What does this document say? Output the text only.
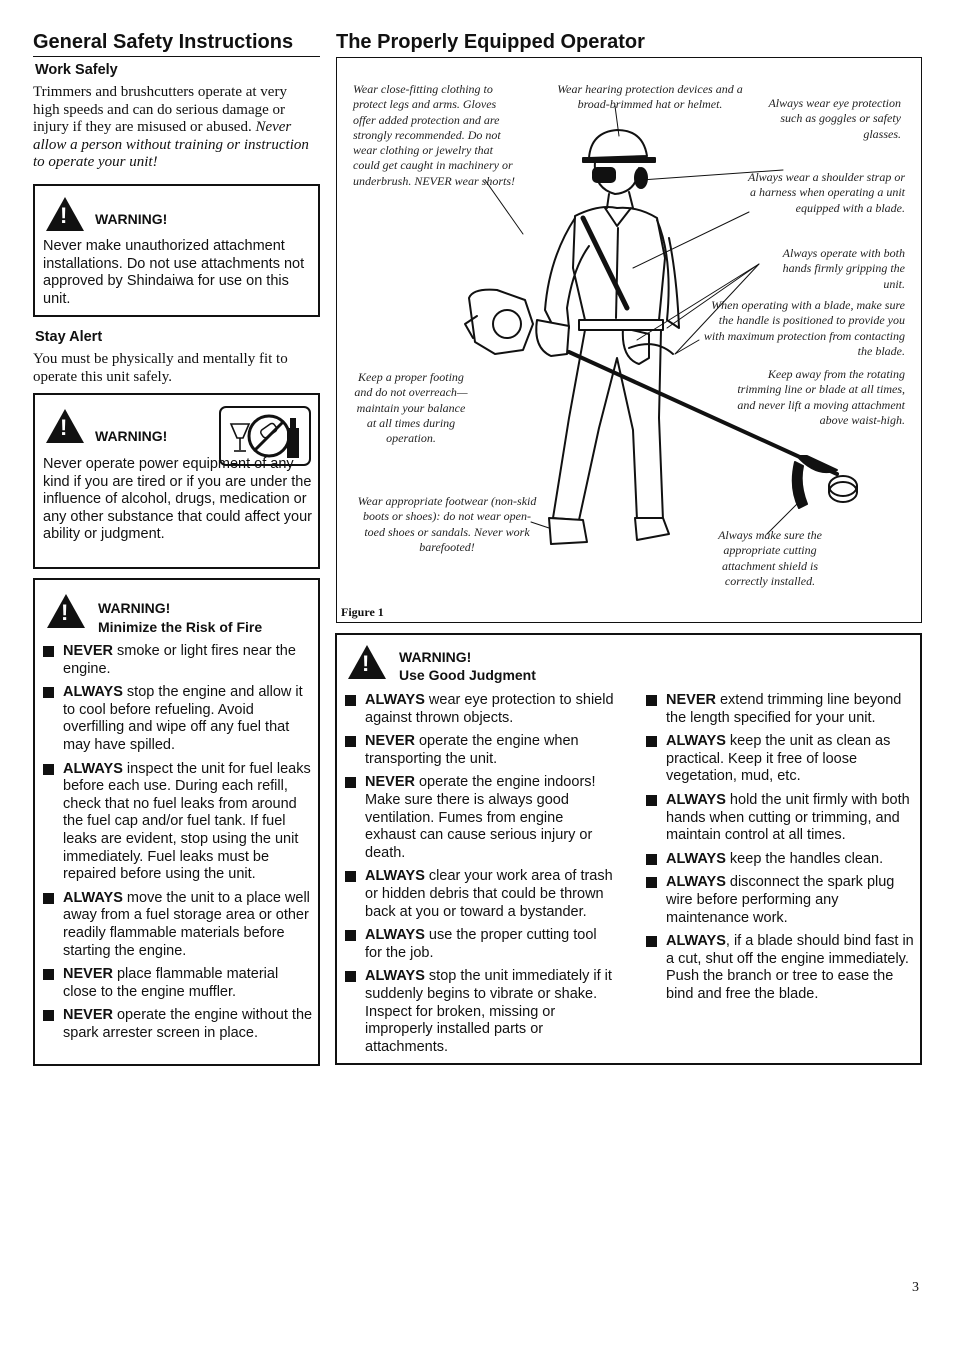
General Safety Instructions The Properly Equipped Operator
Work Safely
Trimmers and brushcutters operate at very high speeds and can do serious damage or injury if they are misused or abused. Never allow a person without training or instruction to operate your unit!
! WARNING!
Never make unauthorized attachment installations. Do not use attachments not approved by Shindaiwa for use on this unit.
Stay Alert
You must be physically and mentally fit to operate this unit safely.
! WARNING!
Never operate power equipment of any kind if you are tired or if you are under the influence of alcohol, drugs, medication or any other substance that could affect your ability or judgment.
! WARNING!
Minimize the Risk of Fire
NEVER smoke or light fires near the engine.
ALWAYS stop the engine and allow it to cool before refueling. Avoid overfilling and wipe off any fuel that may have spilled.
ALWAYS inspect the unit for fuel leaks before each use. During each refill, check that no fuel leaks from around the fuel cap and/or fuel tank. If fuel leaks are evident, stop using the unit immediately. Fuel leaks must be repaired before using the unit.
ALWAYS move the unit to a place well away from a fuel storage area or other readily flammable materials before starting the engine.
NEVER place flammable material close to the engine muffler.
NEVER operate the engine without the spark arrester screen in place.
Wear close-fitting clothing to protect legs and arms. Gloves offer added protection and are strongly recommended. Do not wear clothing or jewelry that could get caught in machinery or underbrush. NEVER wear shorts!
Wear hearing protection devices and a broad-brimmed hat or helmet.	Always wear eye protection such as goggles or safety glasses.
Always wear a shoulder strap or a harness when operating a unit equipped with a blade.
Always operate with both hands firmly gripping the unit.
When operating with a blade, make sure the handle is positioned to provide you with maximum protection from contacting the blade.
Keep a proper footing and do not overreach—maintain your balance at all times during operation.
Keep away from the rotating trimming line or blade at all times, and never lift a moving attachment above waist-high.
Wear appropriate footwear (non-skid boots or shoes): do not wear open-toed shoes or sandals. Never work barefooted!
Always make sure the appropriate cutting attachment shield is correctly installed.
Figure 1
! WARNING!
Use Good Judgment
ALWAYS wear eye protection to shield against thrown objects.
NEVER operate the engine when transporting the unit.
NEVER operate the engine indoors! Make sure there is always good ventilation. Fumes from engine exhaust can cause serious injury or death.
ALWAYS clear your work area of trash or hidden debris that could be thrown back at you or toward a bystander.
ALWAYS use the proper cutting tool for the job.
ALWAYS stop the unit immediately if it suddenly begins to vibrate or shake. Inspect for broken, missing or improperly installed parts or attachments.
NEVER extend trimming line beyond the length specified for your unit.
ALWAYS keep the unit as clean as practical. Keep it free of loose vegetation, mud, etc.
ALWAYS hold the unit firmly with both hands when cutting or trimming, and maintain control at all times.
ALWAYS keep the handles clean.
ALWAYS disconnect the spark plug wire before performing any maintenance work.
ALWAYS, if a blade should bind fast in a cut, shut off the engine immediately. Push the branch or tree to ease the bind and free the blade.
3
